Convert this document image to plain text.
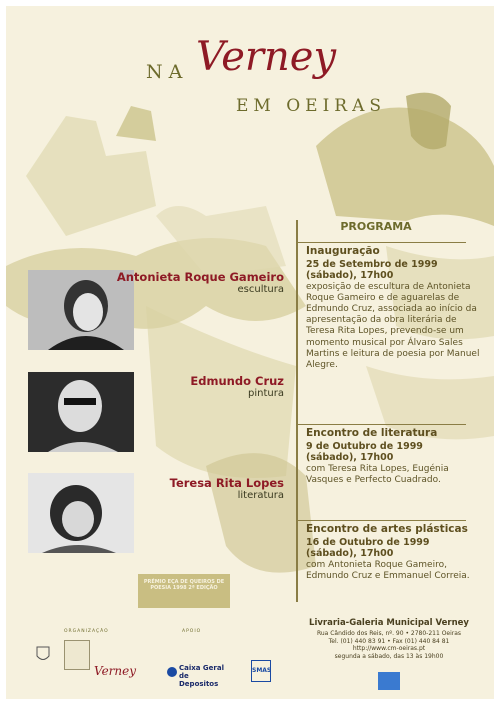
NA Verney
EM OEIRAS
PROGRAMA
Antonieta Roque Gameiro
escultura
Edmundo Cruz
pintura
Teresa Rita Lopes
literatura
Inauguração
25 de Setembro de 1999
(sábado), 17h00
exposição de escultura de Antonieta Roque Gameiro e de aguarelas de Edmundo Cruz, associada ao início da apresentação da obra literária de Teresa Rita Lopes, prevendo-se um momento musical por Álvaro Sales Martins e leitura de poesia por Manuel Alegre.
Encontro de literatura
9 de Outubro de 1999
(sábado), 17h00
com Teresa Rita Lopes, Eugénia Vasques e Perfecto Cuadrado.
Encontro de artes plásticas
16 de Outubro de 1999
(sábado), 17h00
com Antonieta Roque Gameiro, Edmundo Cruz e Emmanuel Correia.
PRÉMIO EÇA DE QUEIROS DE POESIA 1998 2ª EDIÇÃO
Livraria-Galeria Municipal Verney
Rua Cândido dos Reis, nº. 90 • 2780-211 Oeiras
Tel. (01) 440 83 91 • Fax (01) 440 84 81
http://www.cm-oeiras.pt
segunda a sábado, das 13 às 19h00
ORGANIZAÇÃO	APOIO
Verney	Caixa Geral de Depositos
SMAS
